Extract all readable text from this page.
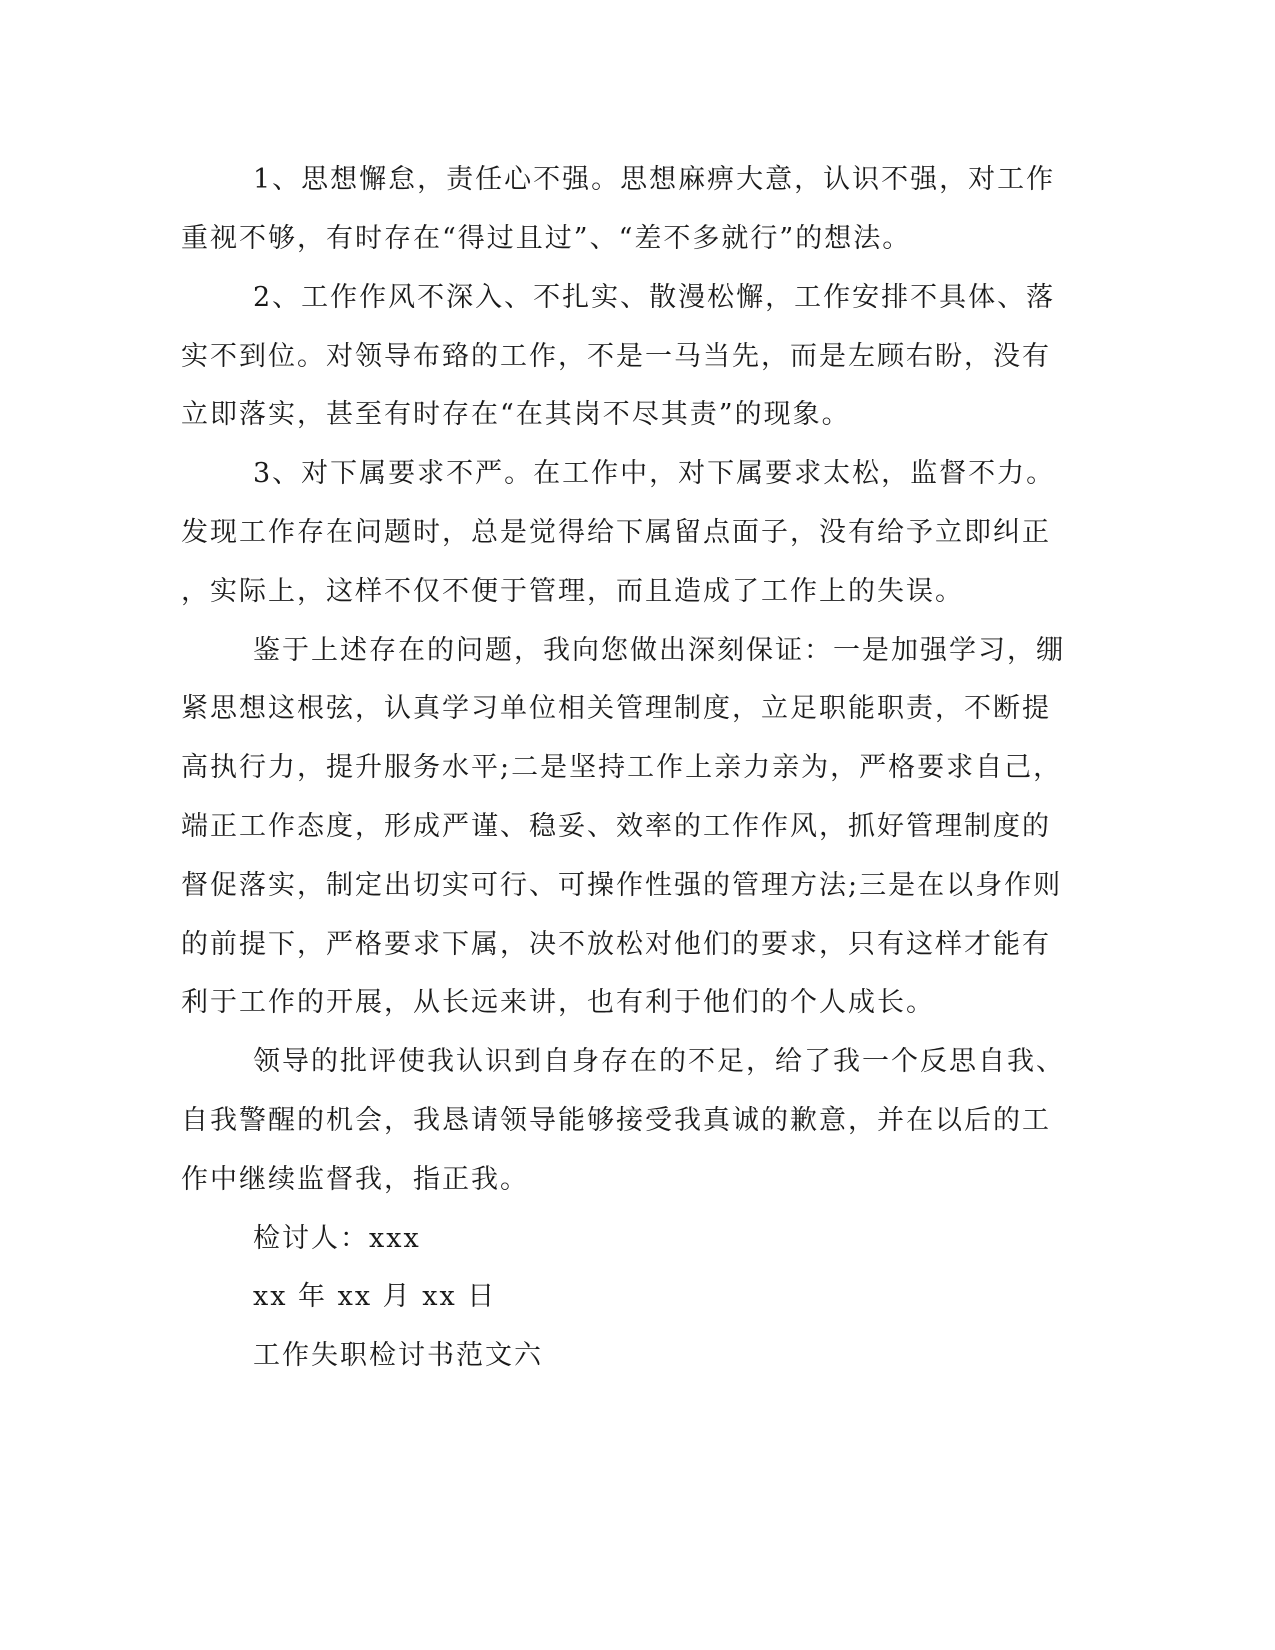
1、思想懈怠，责任心不强。思想麻痹大意，认识不强，对工作

重视不够，有时存在“得过且过”、“差不多就行”的想法。

2、工作作风不深入、不扎实、散漫松懈，工作安排不具体、落

实不到位。对领导布臵的工作，不是一马当先，而是左顾右盼，没有

立即落实，甚至有时存在“在其岗不尽其责”的现象。

3、对下属要求不严。在工作中，对下属要求太松，监督不力。

发现工作存在问题时，总是觉得给下属留点面子，没有给予立即纠正

，实际上，这样不仅不便于管理，而且造成了工作上的失误。

鉴于上述存在的问题，我向您做出深刻保证：一是加强学习，绷

紧思想这根弦，认真学习单位相关管理制度，立足职能职责，不断提

高执行力，提升服务水平;二是坚持工作上亲力亲为，严格要求自己，

端正工作态度，形成严谨、稳妥、效率的工作作风，抓好管理制度的

督促落实，制定出切实可行、可操作性强的管理方法;三是在以身作则

的前提下，严格要求下属，决不放松对他们的要求，只有这样才能有

利于工作的开展，从长远来讲，也有利于他们的个人成长。

领导的批评使我认识到自身存在的不足，给了我一个反思自我、

自我警醒的机会，我恳请领导能够接受我真诚的歉意，并在以后的工

作中继续监督我，指正我。

检讨人：xxx

xx 年 xx 月 xx 日

工作失职检讨书范文六
